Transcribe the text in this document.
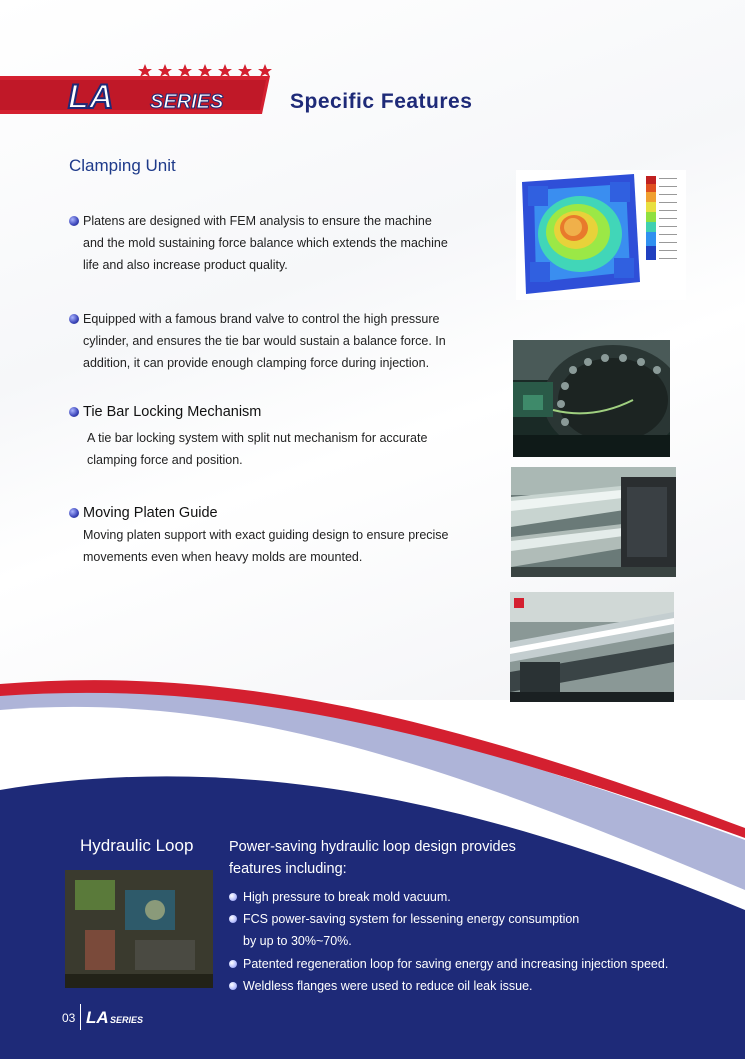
LA SERIES	Specific Features
Clamping Unit
Platens are designed with FEM analysis to ensure the machine
and the mold sustaining force balance which extends the machine
life and also increase product quality.
Equipped with a famous brand valve to control the high pressure
cylinder, and ensures the tie bar would sustain a balance force. In
addition, it can provide enough clamping force during injection.
Tie Bar Locking Mechanism
A tie bar locking system with split nut mechanism for accurate
clamping force and position.
Moving Platen Guide
Moving platen support with exact guiding design to ensure precise
movements even when heavy molds are mounted.
Hydraulic Loop Power-saving hydraulic loop design provides
features including:
High pressure to break mold vacuum.
FCS power-saving system for lessening energy consumption
by up to 30%~70%.
Patented regeneration loop for saving energy and increasing injection speed.
Weldless flanges were used to reduce oil leak issue.
03 LA SERIES
